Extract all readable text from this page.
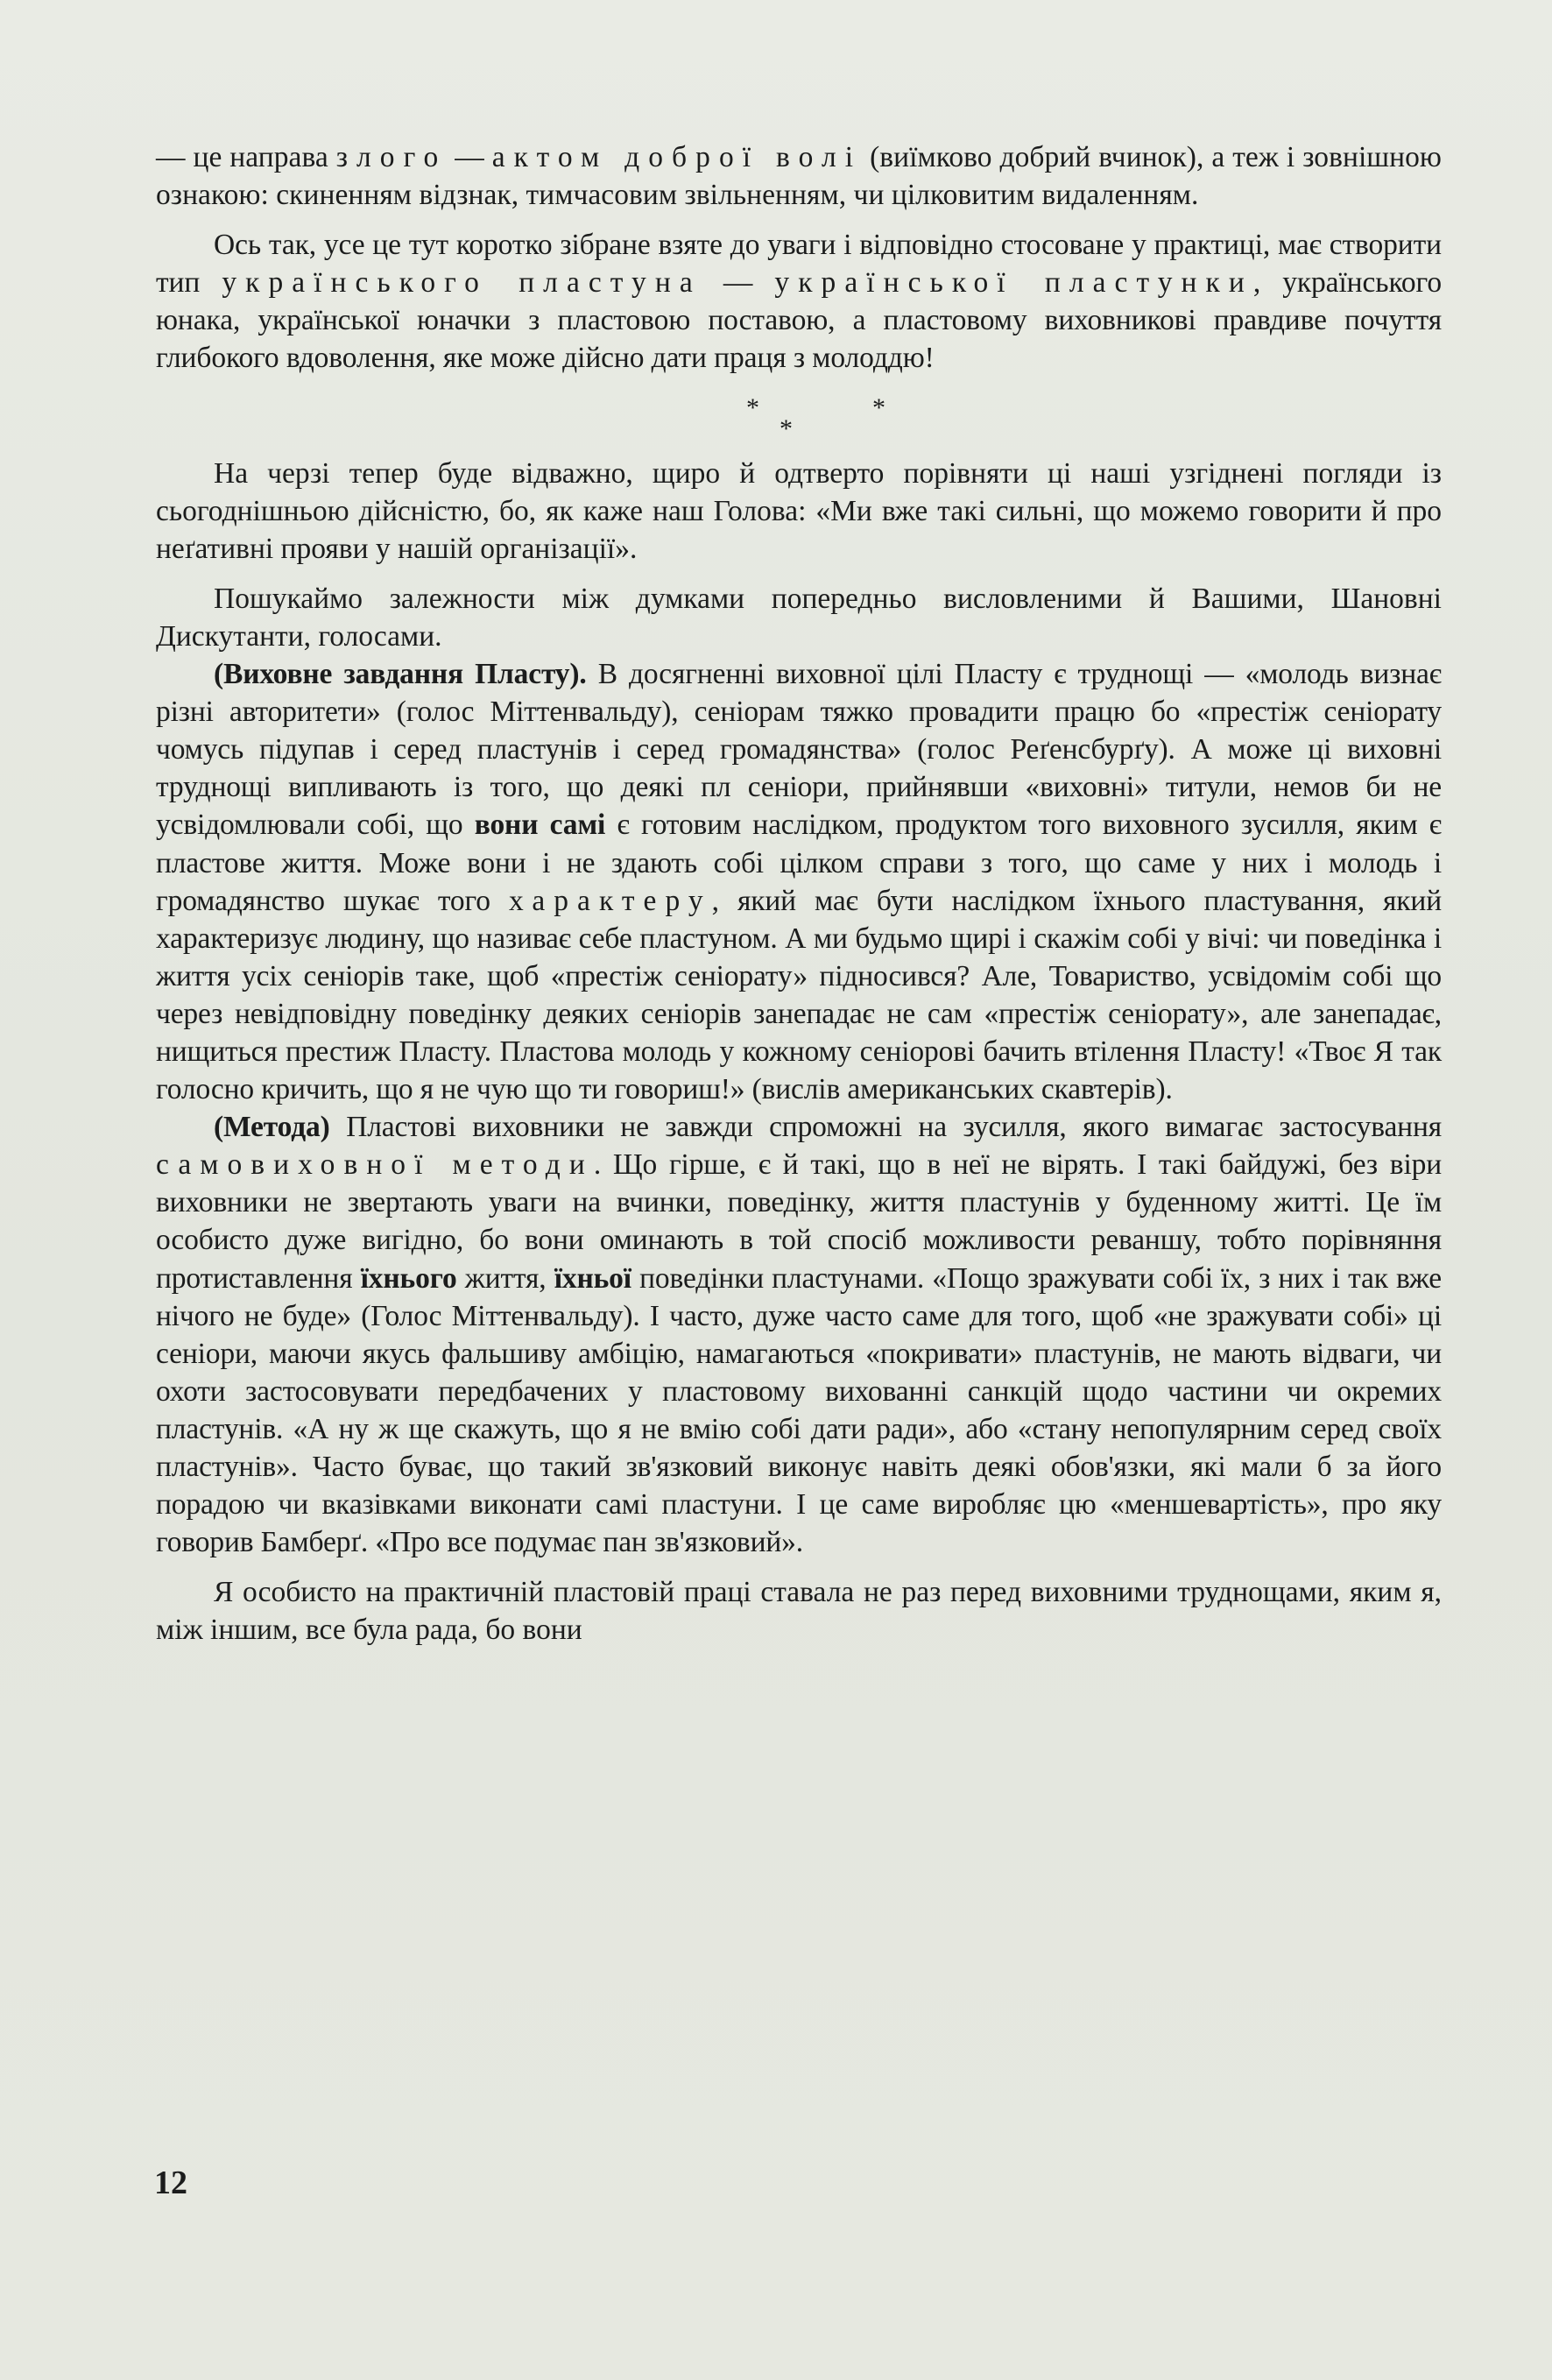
— це направа злого — актом доброї волі (виїмково добрий вчинок), а теж і зовнішною ознакою: скиненням відзнак, тимчасовим звільненням, чи цілковитим видаленням.

Ось так, усе це тут коротко зібране взяте до уваги і відповідно стосоване у практиці, має створити тип українського пластуна — української пластунки, українського юнака, української юначки з пластовою поставою, а пластовому виховникові правдиве почуття глибокого вдоволення, яке може дійсно дати праця з молоддю!

*
*
*

На черзі тепер буде відважно, щиро й одтверто порівняти ці наші узгіднені погляди із сьогоднішньою дійсністю, бо, як каже наш Голова: «Ми вже такі сильні, що можемо говорити й про неґативні прояви у нашій організації».

Пошукаймо залежности між думками попередньо висловленими й Вашими, Шановні Дискутанти, голосами.

(Виховне завдання Пласту). В досягненні виховної цілі Пласту є труднощі — «молодь визнає різні авторитети» (голос Міттенвальду), сеніорам тяжко провадити працю бо «престіж сеніорату чомусь підупав і серед пластунів і серед громадянства» (голос Реґенсбурґу). А може ці виховні труднощі випливають із того, що деякі пл сеніори, прийнявши «виховні» титули, немов би не усвідомлювали собі, що вони самі є готовим наслідком, продуктом того виховного зусилля, яким є пластове життя. Може вони і не здають собі цілком справи з того, що саме у них і молодь і громадянство шукає того характеру, який має бути наслідком їхнього пластування, який характеризує людину, що називає себе пластуном. А ми будьмо щирі і скажім собі у вічі: чи поведінка і життя усіх сеніорів таке, щоб «престіж сеніорату» підносився? Але, Товариство, усвідомім собі що через невідповідну поведінку деяких сеніорів занепадає не сам «престіж сеніорату», але занепадає, нищиться престиж Пласту. Пластова молодь у кожному сеніорові бачить втілення Пласту! «Твоє Я так голосно кричить, що я не чую що ти говориш!» (вислів американських скавтерів).

(Метода) Пластові виховники не завжди спроможні на зусилля, якого вимагає застосування самовиховної методи. Що гірше, є й такі, що в неї не вірять. І такі байдужі, без віри виховники не звертають уваги на вчинки, поведінку, життя пластунів у буденному житті. Це їм особисто дуже вигідно, бо вони оминають в той спосіб можливости реваншу, тобто порівняння протиставлення їхнього життя, їхньої поведінки пластунами. «Пощо зражувати собі їх, з них і так вже нічого не буде» (Голос Міттенвальду). І часто, дуже часто саме для того, щоб «не зражувати собі» ці сеніори, маючи якусь фальшиву амбіцію, намагаються «покривати» пластунів, не мають відваги, чи охоти застосовувати передбачених у пластовому вихованні санкцій щодо частини чи окремих пластунів. «А ну ж ще скажуть, що я не вмію собі дати ради», або «стану непопулярним серед своїх пластунів». Часто буває, що такий зв'язковий виконує навіть деякі обов'язки, які мали б за його порадою чи вказівками виконати самі пластуни. І це саме виробляє цю «меншевартість», про яку говорив Бамберґ. «Про все подумає пан зв'язковий».

Я особисто на практичній пластовій праці ставала не раз перед виховними труднощами, яким я, між іншим, все була рада, бо вони

12
